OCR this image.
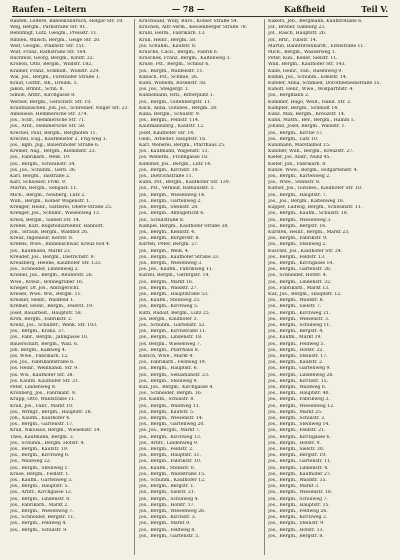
Raufen – Leitern	— 78 —	Kaßfheid	Teil V.
Raufen, Leitere, Babenkundruch, Holgar-Str. 10.
Weg, Bergm., Parkstraße Str. 91.
Rennfingt, Lutz, Geogm., Preisstr. 11.
Rinnen, Wälsch, Bergm., Geige Str. 20.
Welt, Geogm., Plakhstr. Str. 151.
Wolf, Franz, Rathstraße Str. 164.
Ruchfeld, Georg, Bergm., Kirstr. 32.
Krobon, Otto, Bergm., Wildstr. 182.
Kramer, Franz, Schmidt., Wildstr. 229.
Wal. Jos., Bergm., Forsthöfer Straße 1.
Kraut, Gottfr., Rh., Dreibh. 5.
Jakob, Brmnt., Schn. 8.
Simon, Arbtr., Kirchgasse 8.
Werner, Bergm., Gerschstr. Str. 10.
Krauthauschen, Joh. Jos., Schreiner, Volger Str. 23.
Anneliese, Hemmersche Str. 374.
Jos., Schr., Hemmersche Str. 71.
Jos., Arbt., Hemmersche Str. 58.
Krechel, Paul, Bergm., Berghöfen 11.
Krechel, Eug., Kaufmeister 2, Frig-weg 1.
Jos., Bgm. Jug., Bauernhöfer Straße 6.
Kremer, Aug., Bergm., Klemmstr. 23.
Jos., Fabrikarb., Weiß. 19.
Jos., Bergm., Schwanstr. 34.
Jos. Jos., Schuhm., Gerb. 36.
Karl, Bergm., Talstraße 2.
Karl, Schlosser, Frdb. 9.
Martin, Bergm., Sebgast. 11.
Mich., Bergm., Neuberg, Lutz 2.
Wilh., Bergm., Kölner Wagenstr. 1.
Krenger, Heinr., Sattlerei, Obere-Straße 25.
Krenger, Jos., Schnmr., Wiesenweg 13.
Kress, Bergm., Sieben Str. 14.
Kreßel, Karl, Rugsteinarbeiter, Hanborf.
Joh., Strauß, Bergm., Waldhof 26.
Kreuz, Ingenieur, Kerstr. 8.
Krefels, Wwe., Binnenschwar, Kreuz Hof 4.
Jos., Kaufmann, Markt 23.
Kreuder, Jos., Bergm., Dietrichstr. 9.
Kreuzberg, Helene, Kaufhöfer Str. 133.
Jos., Schneider, Lindenweg 2.
Kriebel, Jos., Bergm., Reuterstr. 26.
Wwe., Kreuz., Bonnegrüber 16.
Krieger, Dr. Jos., Amtsgericht.
Kreisel, Wwe. Ww., Bergm. 11.
Kreisler, Heinr., Waldfeld 1.
Kremer, Heinr., Bergm., Feierst. 19.
Josef, Bauarbeit., Hauptstr. 58.
Kron, Bergm., Fabrikstr. 2.
Krenz, Jos., Schulbtr., Wenk. Str. 103.
Jos., Bergm., Kranz. 37.
Jos., Fabr., Bergm., Jahngasse 10.
Bauerschaft, Bergm., Wall. 6.
Joh. Bergm., Kalkweg 4.
Jos. Wwe., Fabrikarb. 12.
Jos. Jos., Fabrikantstraße 6.
Jos. Heinr., Weinhändl. Str. 9.
Jos. Ww., Kaufhöfer Str. 38.
Jos. Kaufm. Kaufhöfer Str. 21.
Peter, Lindenweg 8.
Kronberg, Jos., Fabrikant. 9.
Krupp, Otto, Waldstraße 11.
Krull, Jos., Fabr., Markt 10.
Jos., Wrmgr., Bergm., Hauptstr. 28.
Joh., Kaufm., Kaufhöfer 4.
Jos., Bergm., Gartenstr. 17.
Krüll, Nikolaus, Bergm., Wiesenstr. 14.
Theo, Kaufmann, Bergm. 3.
Jos., Schuhm., Bergm. Hofstr. 4.
Jos., Bergm., Kaufstr. 19.
Jos., Bergm., Kirchweg 6.
Jos., Waldweg 22.
Jos., Bergm., Steinweg 1.
Kruse, Bergm., Feldstr. 1.
Jos., Kaufm., Gartenweg 3.
Jos., Bergm., Hauptstr. 5.
Jos., Arbtr., Kirchgasse 12.
Jos., Bergm., Lindenstr. 8.
Jos., Fabrikarb., Markt 2.
Jos., Bergm., Wiesenweg 7.
Jos., Schneider, Bergstr. 11.
Jos., Bergm., Feldweg 4.
Jos., Bergm., Schulstr. 9.
Kruchwald, Willy, Büro., Kölner Straße 54.
Kruchen, Alfr.-Verm., Kessenberger Straße 78.
Kruhl, Herm., Fabrikarb. 13.
Krull, Heinr., Bergm. 58.
Jos. Schuhm., Kaufstr. 8.
Krusche, Cäcil., Bergm., Fabrik 6.
Kruschek, Franz, Bergm., Kaltenweg 3.
Kruse, Pst., Bergm., Schnur 6.
Jos., Bürgm., Waldenstr. 11.
Kubach, Pst., Schmie, 26.
Kuhn, Wilhelm, Rosenstr. 58.
Jos. Jos., Steigergr. 1.
Kühnemann, Hrn., Ritterplatz 1.
Jos., Bergm., Gutenbergstr. 11.
Kück, Anna, Gutsbes., Bergm. 28.
Kulla, Bergm., Schulstr. 9.
Jos., Bergm., Feldstr. 114.
Kaufmannsbrg., Kaufstr. 12.
Josef, Kaufhöfer Str. 14.
Gelb., Arbeiter, Hauptstr. 16.
Karl, Weberei, Bergm., Pfarrhaus 25.
Jos., Kaufmann, Wagenstr. 13.
Jos. Weberm., Frohngasse 18.
Kummer, Jos., Bergm., Lutz 14.
Jos., Bergm., Kirchstr. 19.
Jos., Dietrichstraße 11.
Kuhn, Pst., Bergm., Kaufhöfer Str. 139.
Jos., Pst., Verkauf, Rathausstr. 5.
Jos., Bergm., Wiesenweg 14.
Jos., Bergm., Gartenweg 2.
Jos., Bergm., Steinstr. 28.
Jos., Bergm., Amtsgericht 6.
Jos., Schulstraße 8.
Kümpel, Bergm., Kaufhöfer Straße 38.
Jos., Bergm., Kleinstr. 4.
Jos., Bergm., Bürgerstr. 8.
Kürten, Peter, Bergm. 27.
Jos., Bergm., Weiß. 4.
Jos., Bergm., Kaufhöfer Straße 33.
Jos., Bergm., Wiesenweg 3.
Jos. Jos., Kaufm., Fabrikweg 11.
Kürzel, Bergm., Gerbrgstr. 14.
Jos., Bergm., Markt 16.
Jos., Bergm., Waldstr. 27.
Jos., Bergm., Hauptstraße 53.
Jos., Kaufm., Steinweg 23.
Jos., Bergm., Kirchweg 5.
Kuth, Rudolf, Bergm., Lutz 25.
Jos. Bergm., Kaufhöfer 3.
Jos., Schuhm., Gartenstr. 52.
Jos., Bergm., Kirchstraße 11.
Jos., Bergm., Lindenstr. 18.
Jos. Bergm., Wiesenweg 7.
Jos., Bergm., Pfarrhaus 8.
Kutsch, Wwe., Markt 4.
Jos., Fabrikarb., Feldweg 19.
Jos., Bergm., Hauptstr. 6.
Jos., Bergm., Sebastianstr. 23.
Jos., Bergm., Steinweg 9.
Kux, Jos., Bergm., Kirchgasse 4.
Jos., Schneider, Bergm. 16.
Jos. Kaufm., Schulstr. 8.
Jos., Bergm., Waldweg 11.
Jos., Bergm., Kaufstr. 5.
Jos., Bergm., Wiesenstr. 14.
Jos., Bergm., Gartenweg 20.
Jos. Jos., Bergm., Markt 7.
Jos., Bergm., Kirchweg 13.
Jos., Arbtr., Lindenweg 9.
Jos., Bergm., Feldstr. 2.
Jos., Bergm., Hauptstr. 31.
Jos., Bergm., Fabrikstr. 10.
Jos., Kaufm., Steinstr. 6.
Jos., Bergm., Waldstraße 15.
Jos., Schuhm., Kaufhöfer 12.
Jos., Bergm., Bergstr. 1.
Jos., Bergm., Sielstr. 21.
Jos., Bergm., Schulweg 4.
Jos., Bergm., Hofstr. 17.
Jos., Bergm., Wiesenweg 26.
Jos., Bergm., Kirchstr. 3.
Jos., Bergm., Markt 9.
Jos., Bergm., Feldweg 8.
Jos., Bergm., Gartenstr. 5.
Kükers, Jeb., Bergmann, Kaufbrotlane 6.
Jof., Brener, Saßberg 23.
Jof., Rasch, Hauptstr. 26.
Jof., Brtr., Tubstr. 14.
Martin, Bannrbreinhardt., Eifelstraße 11.
Mich., Bergm., Wasserweg 1.
Peter, Kun., Keller, Sielstr. 11.
Willi, Bergm., Kaufhöfer Str. 143.
Kulle, Heinr., Fab., Rasenweg 9.
Kumm, Jos., Schuhm., Edelstr. 14.
Kufeler, Anna, Schmied, Dorotheeneinstraße 35.
Kunoff, Henr., Wwe., Wollpartitstr. 4.
Jos., Bergmann 2.
Kummer, Hugo, Weiß., Hand. Str. 2.
Kumpfer, Bergm., Schmidt 14.
Kunz, Max, Bergm., Kreuzstr. 14.
Kuhn, Matth., Ber., Bergm., Hamm 1.
Johann, Josef, Bergm., Waldstr. 1.
Jos., Bergm., Kirche 57.
Jos., Bergm., Lutz 10.
Kuhlmann, Marstallhof 15.
Kundler, Wilh., Bergm., Kreuzstr. 27.
Kiefer, Jos. Andr., Nünz 45.
Kiefer, Joh., Fabrikarb. 8.
Kunze, Wwe., Bergm., Hofgartenstr. 4.
Jos., Bergm., Kartenweg 2.
Jos., Wwe., Steinstr. 8.
Küfner, Jos., Gutsbes., Kaufhöfer Str. 10.
Jos., Bergm., Hauptstr. 7.
Jos., Jos., Bergm., Kaltenweg 16.
Küpper, Ludwig, Bergm., Schwanstr. 11.
Jos., Bergm., Kaufm., Schulstr. 18.
Jos., Bergm., Wiesenweg 3.
Jos., Bergm., Bergstr. 16.
Kürsten, Heinr., Bergm., Markt 23.
Jos., Bergm., Fabrikstr. 9.
Jos., Bergm., Steinweg 2.
Kuschel, Jos., Kaufhöfer Str. 24.
Jos., Bergm., Feldstr. 13.
Jos., Bergm., Kirchgasse 14.
Jos., Bergm., Gartenstr. 26.
Jos., Schneider, Hofstr. 4.
Jos., Bergm., Lindenstr. 32.
Jos., Fabrikarb., Markt 13.
Kux, Jos., Bergm., Hauptstr. 12.
Jos., Bergm., Waldstr. 8.
Jos., Bergm., Sielstr. 7.
Jos., Bergm., Kirchweg 21.
Jos., Bergm., Wiesenstr. 3.
Jos., Bergm., Schulweg 11.
Jos., Bergm., Bergstr. 4.
Jos., Kaufm., Markt 19.
Jos., Bergm., Feldweg 5.
Jos., Bergm., Hofstr. 22.
Jos., Bergm., Steinstr. 17.
Jos., Bergm., Kaufstr. 2.
Jos., Bergm., Gartenweg 9.
Jos., Bergm., Lindenweg 28.
Jos., Bergm., Kirchstr. 15.
Jos., Bergm., Waldweg 6.
Jos., Bergm., Hauptstr. 40.
Jos., Bergm., Fabrikweg 3.
Jos., Bergm., Wiesenweg 12.
Jos., Bergm., Markt 25.
Jos., Bergm., Schulstr. 2.
Jos., Bergm., Steinweg 14.
Jos., Bergm., Feldstr. 21.
Jos., Bergm., Kirchgasse 6.
Jos., Bergm., Hofstr. 9.
Jos., Bergm., Sielstr. 30.
Jos., Bergm., Bergstr. 19.
Jos., Bergm., Gartenstr. 11.
Jos., Bergm., Lindenstr. 4.
Jos., Bergm., Kaufhöfer 27.
Jos., Bergm., Waldstr. 35.
Jos., Bergm., Markt 3.
Jos., Bergm., Wiesenstr. 18.
Jos., Bergm., Schulweg 7.
Jos., Bergm., Hauptstr. 15.
Jos., Bergm., Feldweg 26.
Jos., Bergm., Kirchweg 2.
Jos., Bergm., Steinstr. 9.
Jos., Bergm., Hofstr. 13.
Jos., Bergm., Bergstr. 8.
